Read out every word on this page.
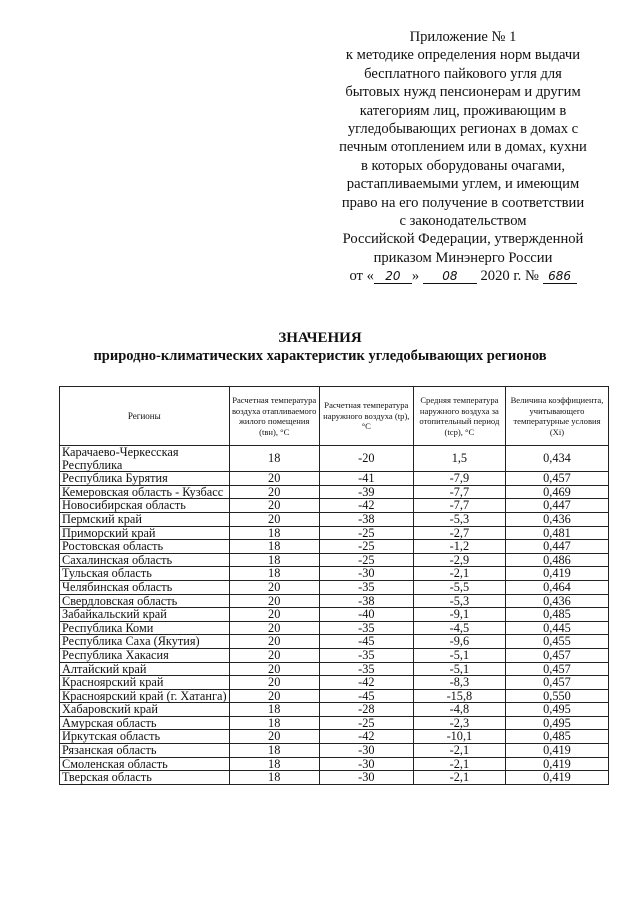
Приложение № 1
к методике определения норм выдачи
бесплатного пайкового угля для
бытовых нужд пенсионерам и другим
категориям лиц, проживающим в
угледобывающих регионах в домах с
печным отоплением или в домах, кухни
в которых оборудованы очагами,
растапливаемыми углем, и имеющим
право на его получение в соответствии
с законодательством
Российской Федерации, утвержденной
приказом Минэнерго России
от « 20 » 08 2020 г. № 686
ЗНАЧЕНИЯ
природно-климатических характеристик угледобывающих регионов
Регионы	Расчетная температура воздуха отапливаемого жилого помещения (tвн), °С	Расчетная температура наружного воздуха (tр), °С	Средняя температура наружного воздуха за отопительный период (tср), °С	Величина коэффициента, учитывающего температурные условия (Хi)
Карачаево-Черкесская Республика	18	-20	1,5	0,434
Республика Бурятия	20	-41	-7,9	0,457
Кемеровская область - Кузбасс	20	-39	-7,7	0,469
Новосибирская область	20	-42	-7,7	0,447
Пермский край	20	-38	-5,3	0,436
Приморский край	18	-25	-2,7	0,481
Ростовская область	18	-25	-1,2	0,447
Сахалинская область	18	-25	-2,9	0,486
Тульская область	18	-30	-2,1	0,419
Челябинская область	20	-35	-5,5	0,464
Свердловская область	20	-38	-5,3	0,436
Забайкальский край	20	-40	-9,1	0,485
Республика Коми	20	-35	-4,5	0,445
Республика Саха (Якутия)	20	-45	-9,6	0,455
Республика Хакасия	20	-35	-5,1	0,457
Алтайский край	20	-35	-5,1	0,457
Красноярский край	20	-42	-8,3	0,457
Красноярский край (г. Хатанга)	20	-45	-15,8	0,550
Хабаровский край	18	-28	-4,8	0,495
Амурская область	18	-25	-2,3	0,495
Иркутская область	20	-42	-10,1	0,485
Рязанская область	18	-30	-2,1	0,419
Смоленская область	18	-30	-2,1	0,419
Тверская область	18	-30	-2,1	0,419
